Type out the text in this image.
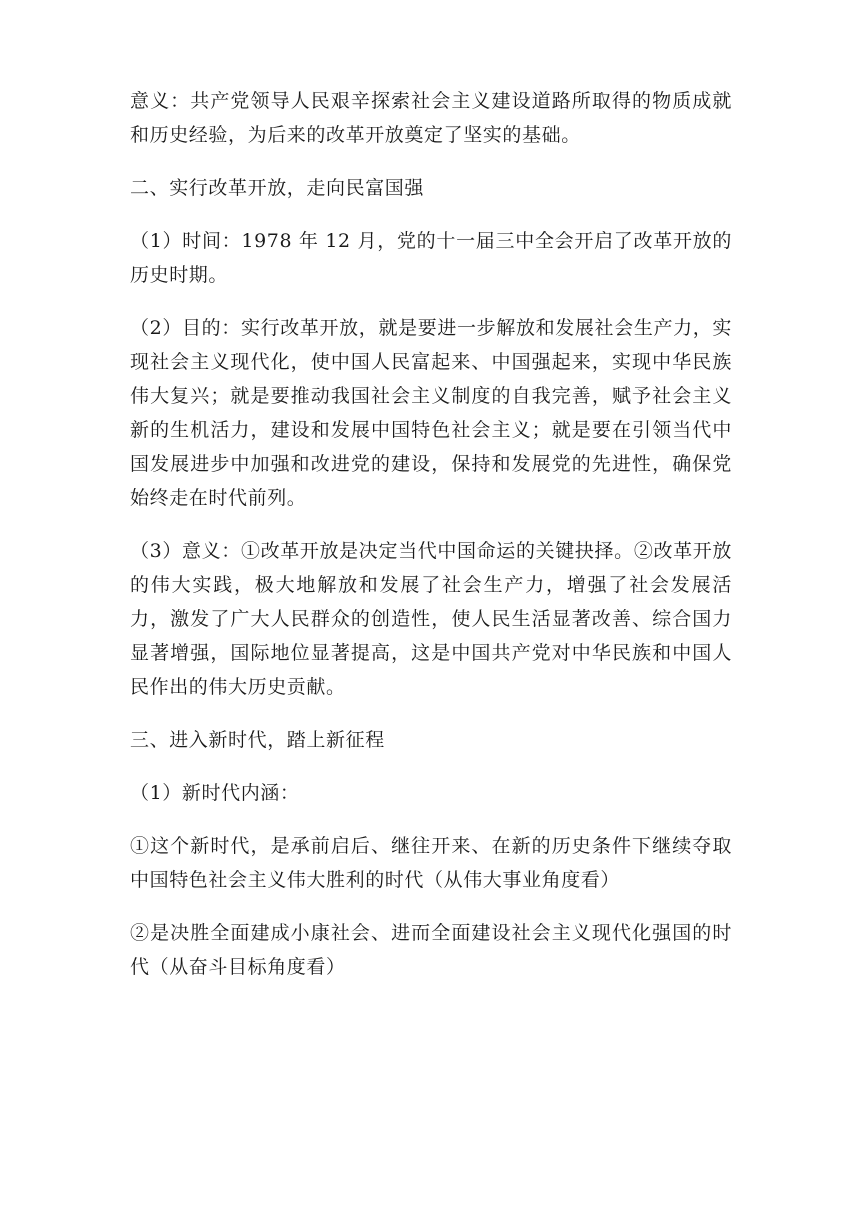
意义：共产党领导人民艰辛探索社会主义建设道路所取得的物质成就和历史经验，为后来的改革开放奠定了坚实的基础。

二、实行改革开放，走向民富国强

（1）时间：1978 年 12 月，党的十一届三中全会开启了改革开放的历史时期。

（2）目的：实行改革开放，就是要进一步解放和发展社会生产力，实现社会主义现代化，使中国人民富起来、中国强起来，实现中华民族伟大复兴；就是要推动我国社会主义制度的自我完善，赋予社会主义新的生机活力，建设和发展中国特色社会主义；就是要在引领当代中国发展进步中加强和改进党的建设，保持和发展党的先进性，确保党始终走在时代前列。

（3）意义：①改革开放是决定当代中国命运的关键抉择。②改革开放的伟大实践，极大地解放和发展了社会生产力，增强了社会发展活力，激发了广大人民群众的创造性，使人民生活显著改善、综合国力显著增强，国际地位显著提高，这是中国共产党对中华民族和中国人民作出的伟大历史贡献。

三、进入新时代，踏上新征程

（1）新时代内涵：

①这个新时代，是承前启后、继往开来、在新的历史条件下继续夺取中国特色社会主义伟大胜利的时代（从伟大事业角度看）

②是决胜全面建成小康社会、进而全面建设社会主义现代化强国的时代（从奋斗目标角度看）
